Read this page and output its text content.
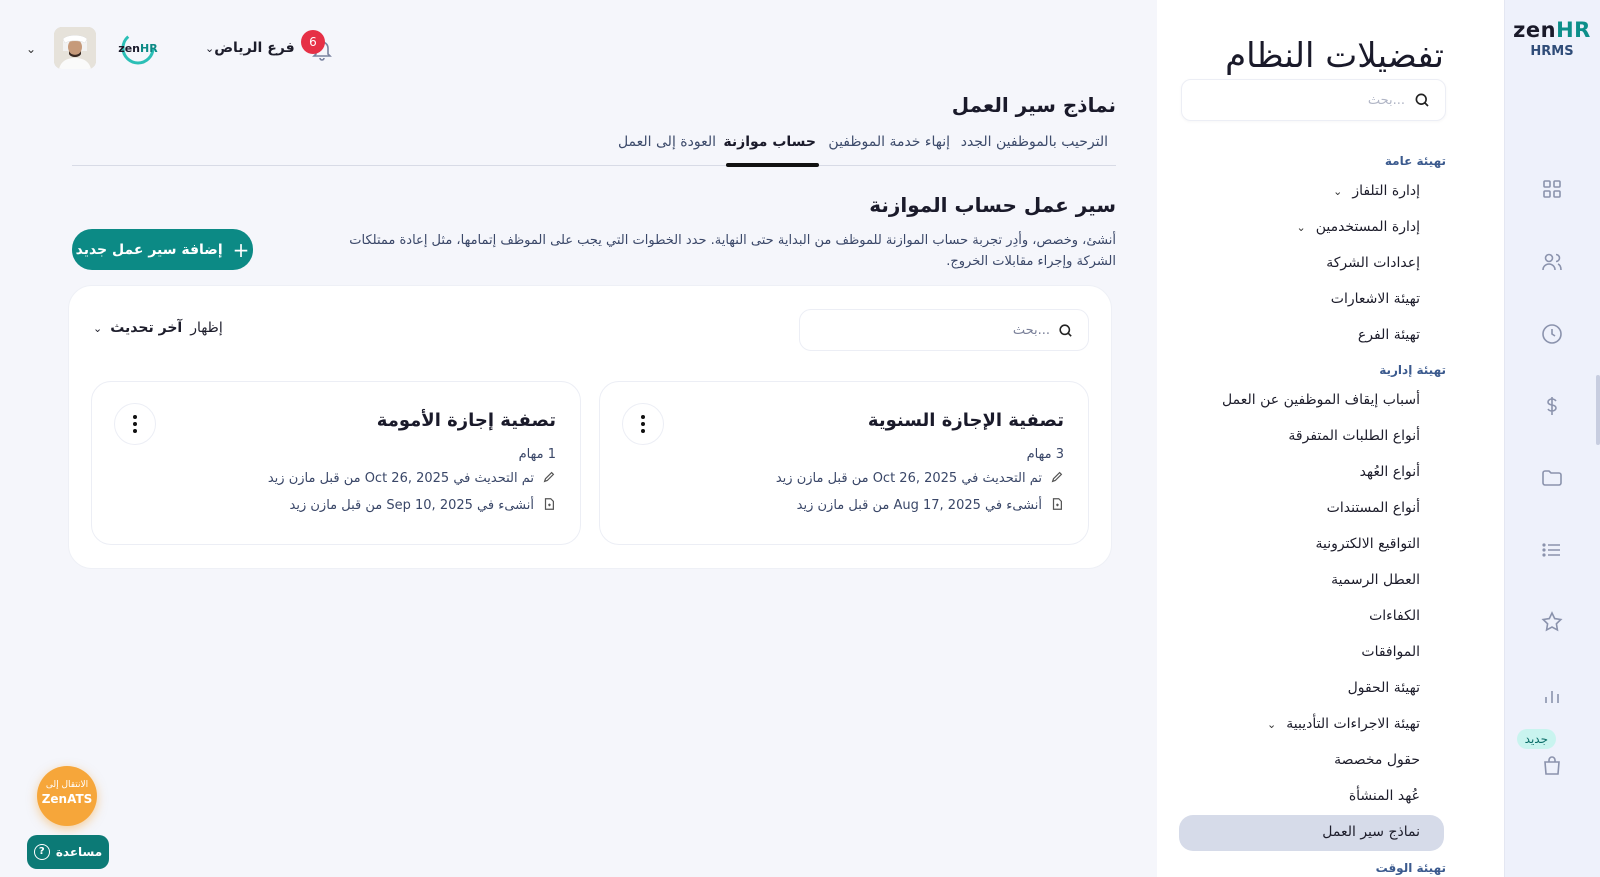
zenHR
HRMS
جديد
تفضيلات النظام
بحث...
تهيئة عامة
إدارة التلفاز⌄
إدارة المستخدمين⌄
إعدادات الشركة
تهيئة الاشعارات
تهيئة الفرع
تهيئة إدارية
أسباب إيقاف الموظفين عن العمل
أنواع الطلبات المتفرقة
أنواع العُهد
أنواع المستندات
التواقيع الالكترونية
العطل الرسمية
الكفاءات
الموافقات
تهيئة الحقول
تهيئة الاجراءات التأديبية⌄
حقول مخصصة
عُهد المنشأة
نماذج سير العمل
تهيئة الوقت
⌄	zenHR	فرع الرياض⌄	6
نماذج سير العمل
الترحيب بالموظفين الجدد
إنهاء خدمة الموظفين
حساب موازنة
العودة إلى العمل
سير عمل حساب الموازنة
أنشئ، وخصص، وأدِر تجربة حساب الموازنة للموظف من البداية حتى النهاية. حدد الخطوات التي يجب على الموظف إتمامها، مثل إعادة ممتلكات الشركة وإجراء مقابلات الخروج.
+
إضافة سير عمل جديد
بحث...
إظهارآخر تحديث⌄
تصفية الإجازة السنوية
3 مهام
تم التحديث في Oct 26, 2025 من قبل مازن زيد
أنشىء في Aug 17, 2025 من قبل مازن زيد
تصفية إجازة الأمومة
1 مهام
تم التحديث في Oct 26, 2025 من قبل مازن زيد
أنشىء في Sep 10, 2025 من قبل مازن زيد
الانتقال إلى
ZenATS
مساعدة
?
